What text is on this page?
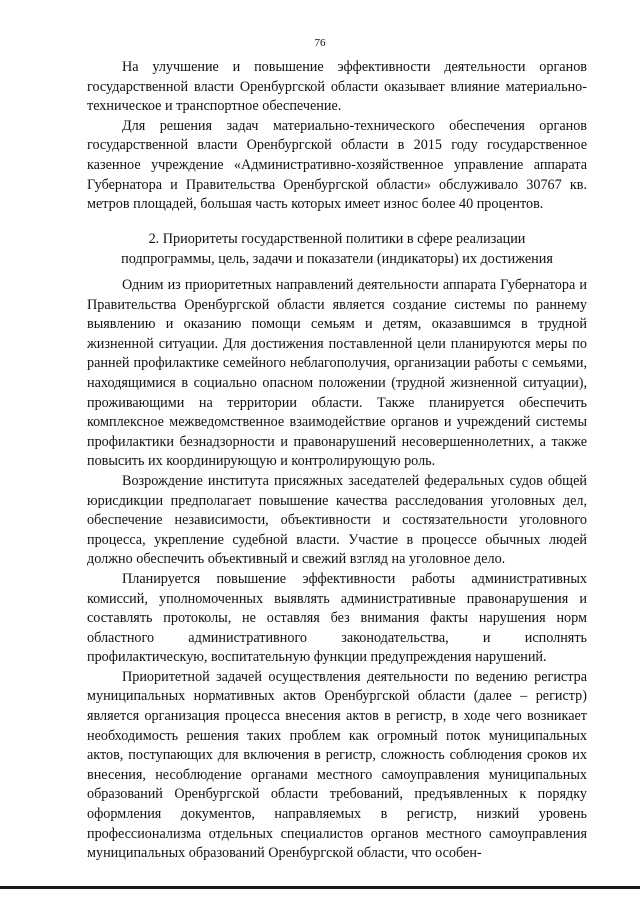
76

На улучшение и повышение эффективности деятельности органов государственной власти Оренбургской области оказывает влияние материально-техническое и транспортное обеспечение.

Для решения задач материально-технического обеспечения органов государственной власти Оренбургской области в 2015 году государственное казенное учреждение «Административно-хозяйственное управление аппарата Губернатора и Правительства Оренбургской области» обслуживало 30767 кв. метров площадей, большая часть которых имеет износ более 40 процентов.

2. Приоритеты государственной политики в сфере реализации
подпрограммы, цель, задачи и показатели (индикаторы) их достижения

Одним из приоритетных направлений деятельности аппарата Губернатора и Правительства Оренбургской области является создание системы по раннему выявлению и оказанию помощи семьям и детям, оказавшимся в трудной жизненной ситуации. Для достижения поставленной цели планируются меры по ранней профилактике семейного неблагополучия, организации работы с семьями, находящимися в социально опасном положении (трудной жизненной ситуации), проживающими на территории области. Также планируется обеспечить комплексное межведомственное взаимодействие органов и учреждений системы профилактики безнадзорности и правонарушений несовершеннолетних, а также повысить их координирующую и контролирующую роль.

Возрождение института присяжных заседателей федеральных судов общей юрисдикции предполагает повышение качества расследования уголовных дел, обеспечение независимости, объективности и состязательности уголовного процесса, укрепление судебной власти. Участие в процессе обычных людей должно обеспечить объективный и свежий взгляд на уголовное дело.

Планируется повышение эффективности работы административных комиссий, уполномоченных выявлять административные правонарушения и составлять протоколы, не оставляя без внимания факты нарушения норм областного административного законодательства, и исполнять профилактическую, воспитательную функции предупреждения нарушений.

Приоритетной задачей осуществления деятельности по ведению регистра муниципальных нормативных актов Оренбургской области (далее – регистр) является организация процесса внесения актов в регистр, в ходе чего возникает необходимость решения таких проблем как огромный поток муниципальных актов, поступающих для включения в регистр, сложность соблюдения сроков их внесения, несоблюдение органами местного самоуправления муниципальных образований Оренбургской области требований, предъявленных к порядку оформления документов, направляемых в регистр, низкий уровень профессионализма отдельных специалистов органов местного самоуправления муниципальных образований Оренбургской области, что особен-
